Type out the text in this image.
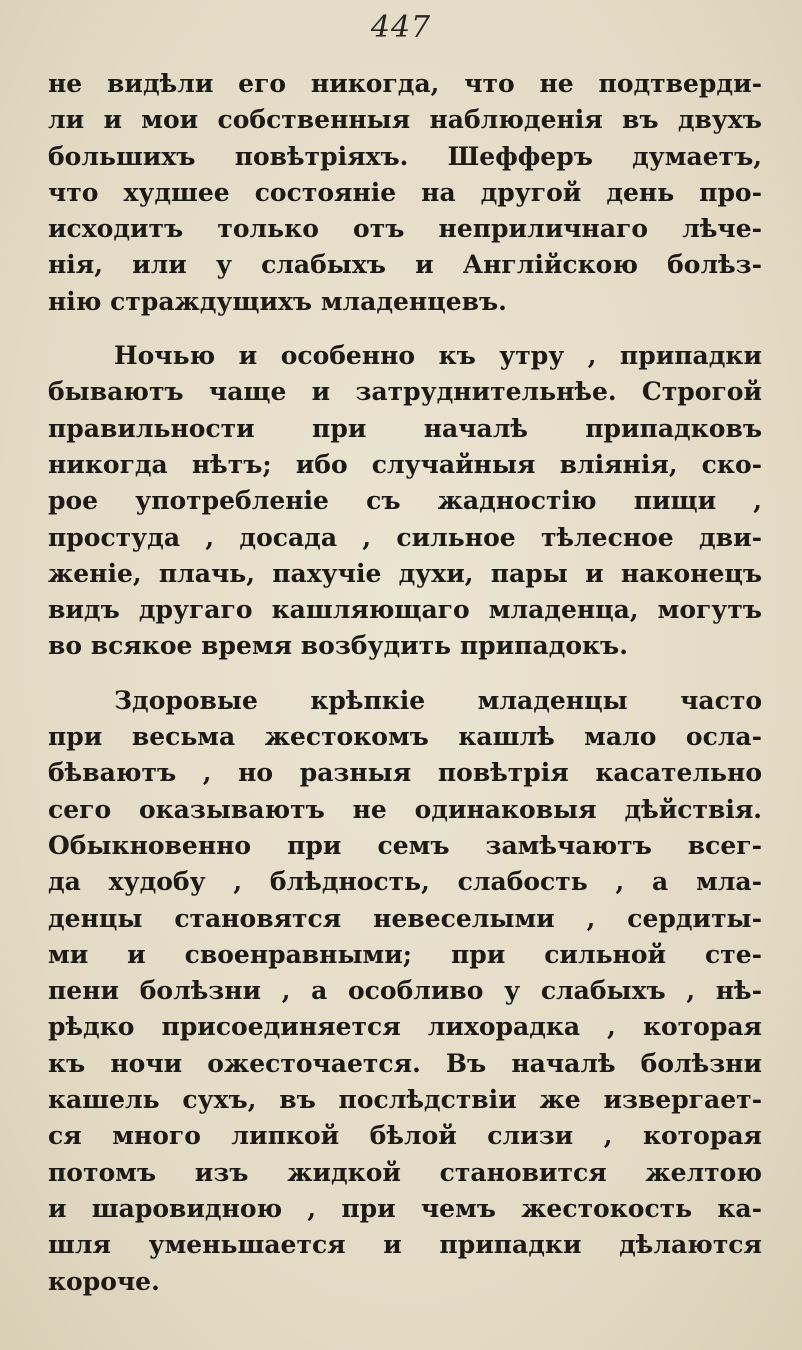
447
не видѣли его никогда, что не подтверди-
ли и мои собственныя наблюденія въ двухъ
большихъ повѣтріяхъ. Шефферъ думаетъ,
что худшее состояніе на другой день про-
исходитъ только отъ неприличнаго лѣче-
нія, или у слабыхъ и Англійскою болѣз-
нію страждущихъ младенцевъ.
Ночью и особенно къ утру , припадки
бываютъ чаще и затруднительнѣе. Строгой
правильности при началѣ припадковъ
никогда нѣтъ; ибо случайныя вліянія, ско-
рое употребленіе съ жадностію пищи ,
простуда , досада , сильное тѣлесное дви-
женіе, плачь, пахучіе духи, пары и наконецъ
видъ другаго кашляющаго младенца, могутъ
во всякое время возбудить припадокъ.
Здоровые крѣпкіе младенцы часто
при весьма жестокомъ кашлѣ мало осла-
бѣваютъ , но разныя повѣтрія касательно
сего оказываютъ не одинаковыя дѣйствія.
Обыкновенно при семъ замѣчаютъ всег-
да худобу , блѣдность, слабость , а мла-
денцы становятся невеселыми , сердиты-
ми и своенравными; при сильной сте-
пени болѣзни , а особливо у слабыхъ , нѣ-
рѣдко присоединяется лихорадка , которая
къ ночи ожесточается. Въ началѣ болѣзни
кашель сухъ, въ послѣдствіи же извергает-
ся много липкой бѣлой слизи , которая
потомъ изъ жидкой становится желтою
и шаровидною , при чемъ жестокость ка-
шля уменьшается и припадки дѣлаются
короче.
